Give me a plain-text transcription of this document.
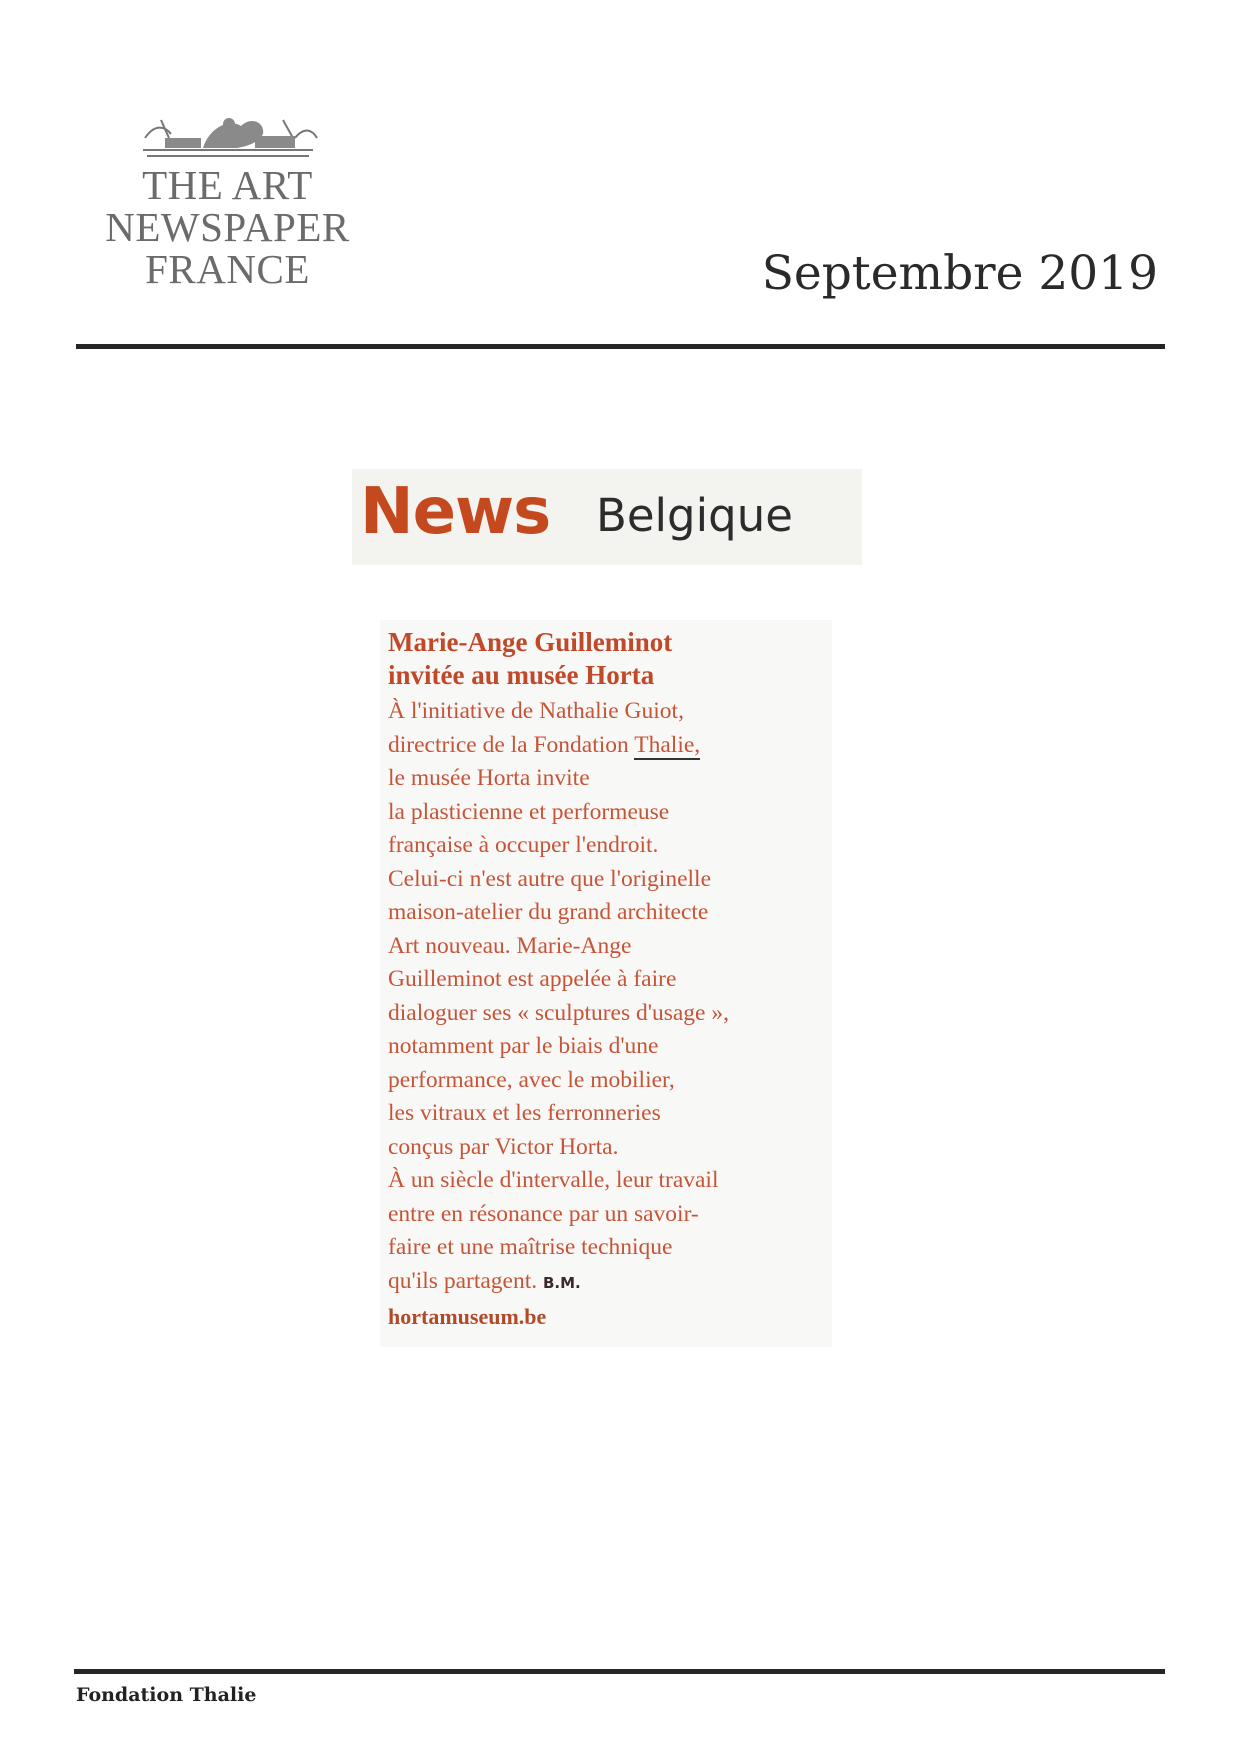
THE ART
NEWSPAPER
FRANCE	Septembre 2019
News Belgique
Marie-Ange Guilleminot
invitée au musée Horta
À l'initiative de Nathalie Guiot,
directrice de la Fondation Thalie,
le musée Horta invite
la plasticienne et performeuse
française à occuper l'endroit.
Celui-ci n'est autre que l'originelle
maison-atelier du grand architecte
Art nouveau. Marie-Ange
Guilleminot est appelée à faire
dialoguer ses « sculptures d'usage »,
notamment par le biais d'une
performance, avec le mobilier,
les vitraux et les ferronneries
conçus par Victor Horta.
À un siècle d'intervalle, leur travail
entre en résonance par un savoir-
faire et une maîtrise technique
qu'ils partagent. B.M.
hortamuseum.be
Fondation Thalie
